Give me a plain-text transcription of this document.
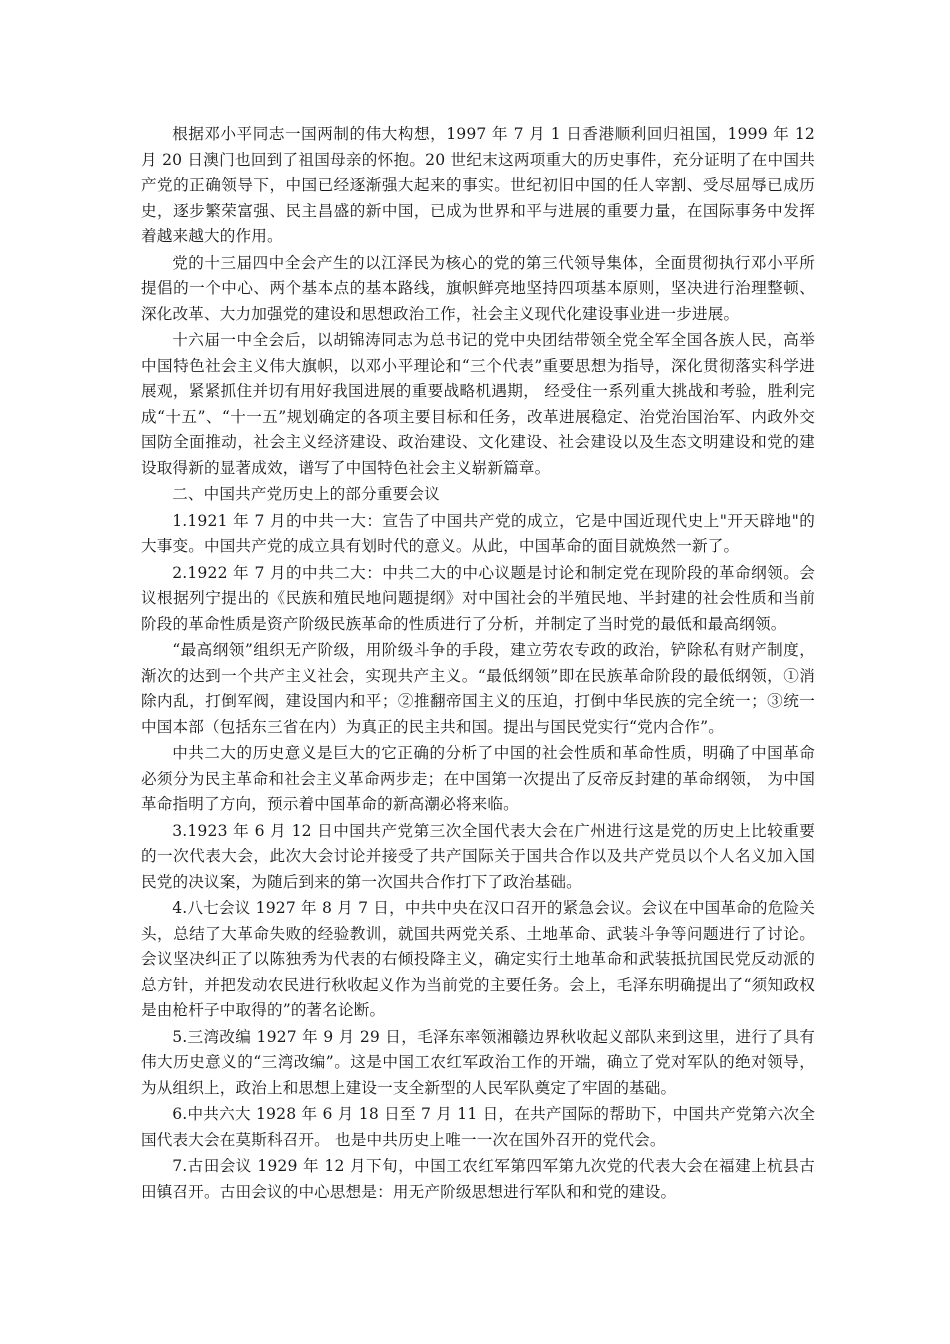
根据邓小平同志一国两制的伟大构想，1997 年 7 月 1 日香港顺利回归祖国，1999 年 12 月 20 日澳门也回到了祖国母亲的怀抱。20 世纪末这两项重大的历史事件，充分证明了在中国共产党的正确领导下，中国已经逐渐强大起来的事实。世纪初旧中国的任人宰割、受尽屈辱已成历史，逐步繁荣富强、民主昌盛的新中国，已成为世界和平与进展的重要力量，在国际事务中发挥着越来越大的作用。

党的十三届四中全会产生的以江泽民为核心的党的第三代领导集体，全面贯彻执行邓小平所提倡的一个中心、两个基本点的基本路线，旗帜鲜亮地坚持四项基本原则，坚决进行治理整顿、深化改革、大力加强党的建设和思想政治工作，社会主义现代化建设事业进一步进展。

十六届一中全会后，以胡锦涛同志为总书记的党中央团结带领全党全军全国各族人民，高举中国特色社会主义伟大旗帜，以邓小平理论和“三个代表”重要思想为指导，深化贯彻落实科学进展观，紧紧抓住并切有用好我国进展的重要战略机遇期， 经受住一系列重大挑战和考验，胜利完成“十五”、“十一五”规划确定的各项主要目标和任务，改革进展稳定、治党治国治军、内政外交国防全面推动，社会主义经济建设、政治建设、文化建设、社会建设以及生态文明建设和党的建设取得新的显著成效，谱写了中国特色社会主义崭新篇章。

二、中国共产党历史上的部分重要会议

1.1921 年 7 月的中共一大：宣告了中国共产党的成立，它是中国近现代史上"开天辟地"的大事变。中国共产党的成立具有划时代的意义。从此，中国革命的面目就焕然一新了。

2.1922 年 7 月的中共二大：中共二大的中心议题是讨论和制定党在现阶段的革命纲领。会议根据列宁提出的《民族和殖民地问题提纲》对中国社会的半殖民地、半封建的社会性质和当前阶段的革命性质是资产阶级民族革命的性质进行了分析，并制定了当时党的最低和最高纲领。

“最高纲领”组织无产阶级，用阶级斗争的手段，建立劳农专政的政治，铲除私有财产制度，渐次的达到一个共产主义社会，实现共产主义。“最低纲领”即在民族革命阶段的最低纲领，①消除内乱，打倒军阀，建设国内和平；②推翻帝国主义的压迫，打倒中华民族的完全统一；③统一中国本部（包括东三省在内）为真正的民主共和国。提出与国民党实行“党内合作”。

中共二大的历史意义是巨大的它正确的分析了中国的社会性质和革命性质，明确了中国革命必须分为民主革命和社会主义革命两步走；在中国第一次提出了反帝反封建的革命纲领， 为中国革命指明了方向，预示着中国革命的新高潮必将来临。

3.1923 年 6 月 12 日中国共产党第三次全国代表大会在广州进行这是党的历史上比较重要的一次代表大会，此次大会讨论并接受了共产国际关于国共合作以及共产党员以个人名义加入国民党的决议案，为随后到来的第一次国共合作打下了政治基础。

4.八七会议 1927 年 8 月 7 日，中共中央在汉口召开的紧急会议。会议在中国革命的危险关头，总结了大革命失败的经验教训，就国共两党关系、土地革命、武装斗争等问题进行了讨论。会议坚决纠正了以陈独秀为代表的右倾投降主义，确定实行土地革命和武装抵抗国民党反动派的总方针，并把发动农民进行秋收起义作为当前党的主要任务。会上，毛泽东明确提出了“须知政权是由枪杆子中取得的”的著名论断。

5.三湾改编 1927 年 9 月 29 日，毛泽东率领湘赣边界秋收起义部队来到这里，进行了具有伟大历史意义的“三湾改编”。这是中国工农红军政治工作的开端，确立了党对军队的绝对领导，为从组织上，政治上和思想上建设一支全新型的人民军队奠定了牢固的基础。

6.中共六大 1928 年 6 月 18 日至 7 月 11 日，在共产国际的帮助下，中国共产党第六次全国代表大会在莫斯科召开。 也是中共历史上唯一一次在国外召开的党代会。

7.古田会议 1929 年 12 月下旬，中国工农红军第四军第九次党的代表大会在福建上杭县古田镇召开。古田会议的中心思想是：用无产阶级思想进行军队和和党的建设。
